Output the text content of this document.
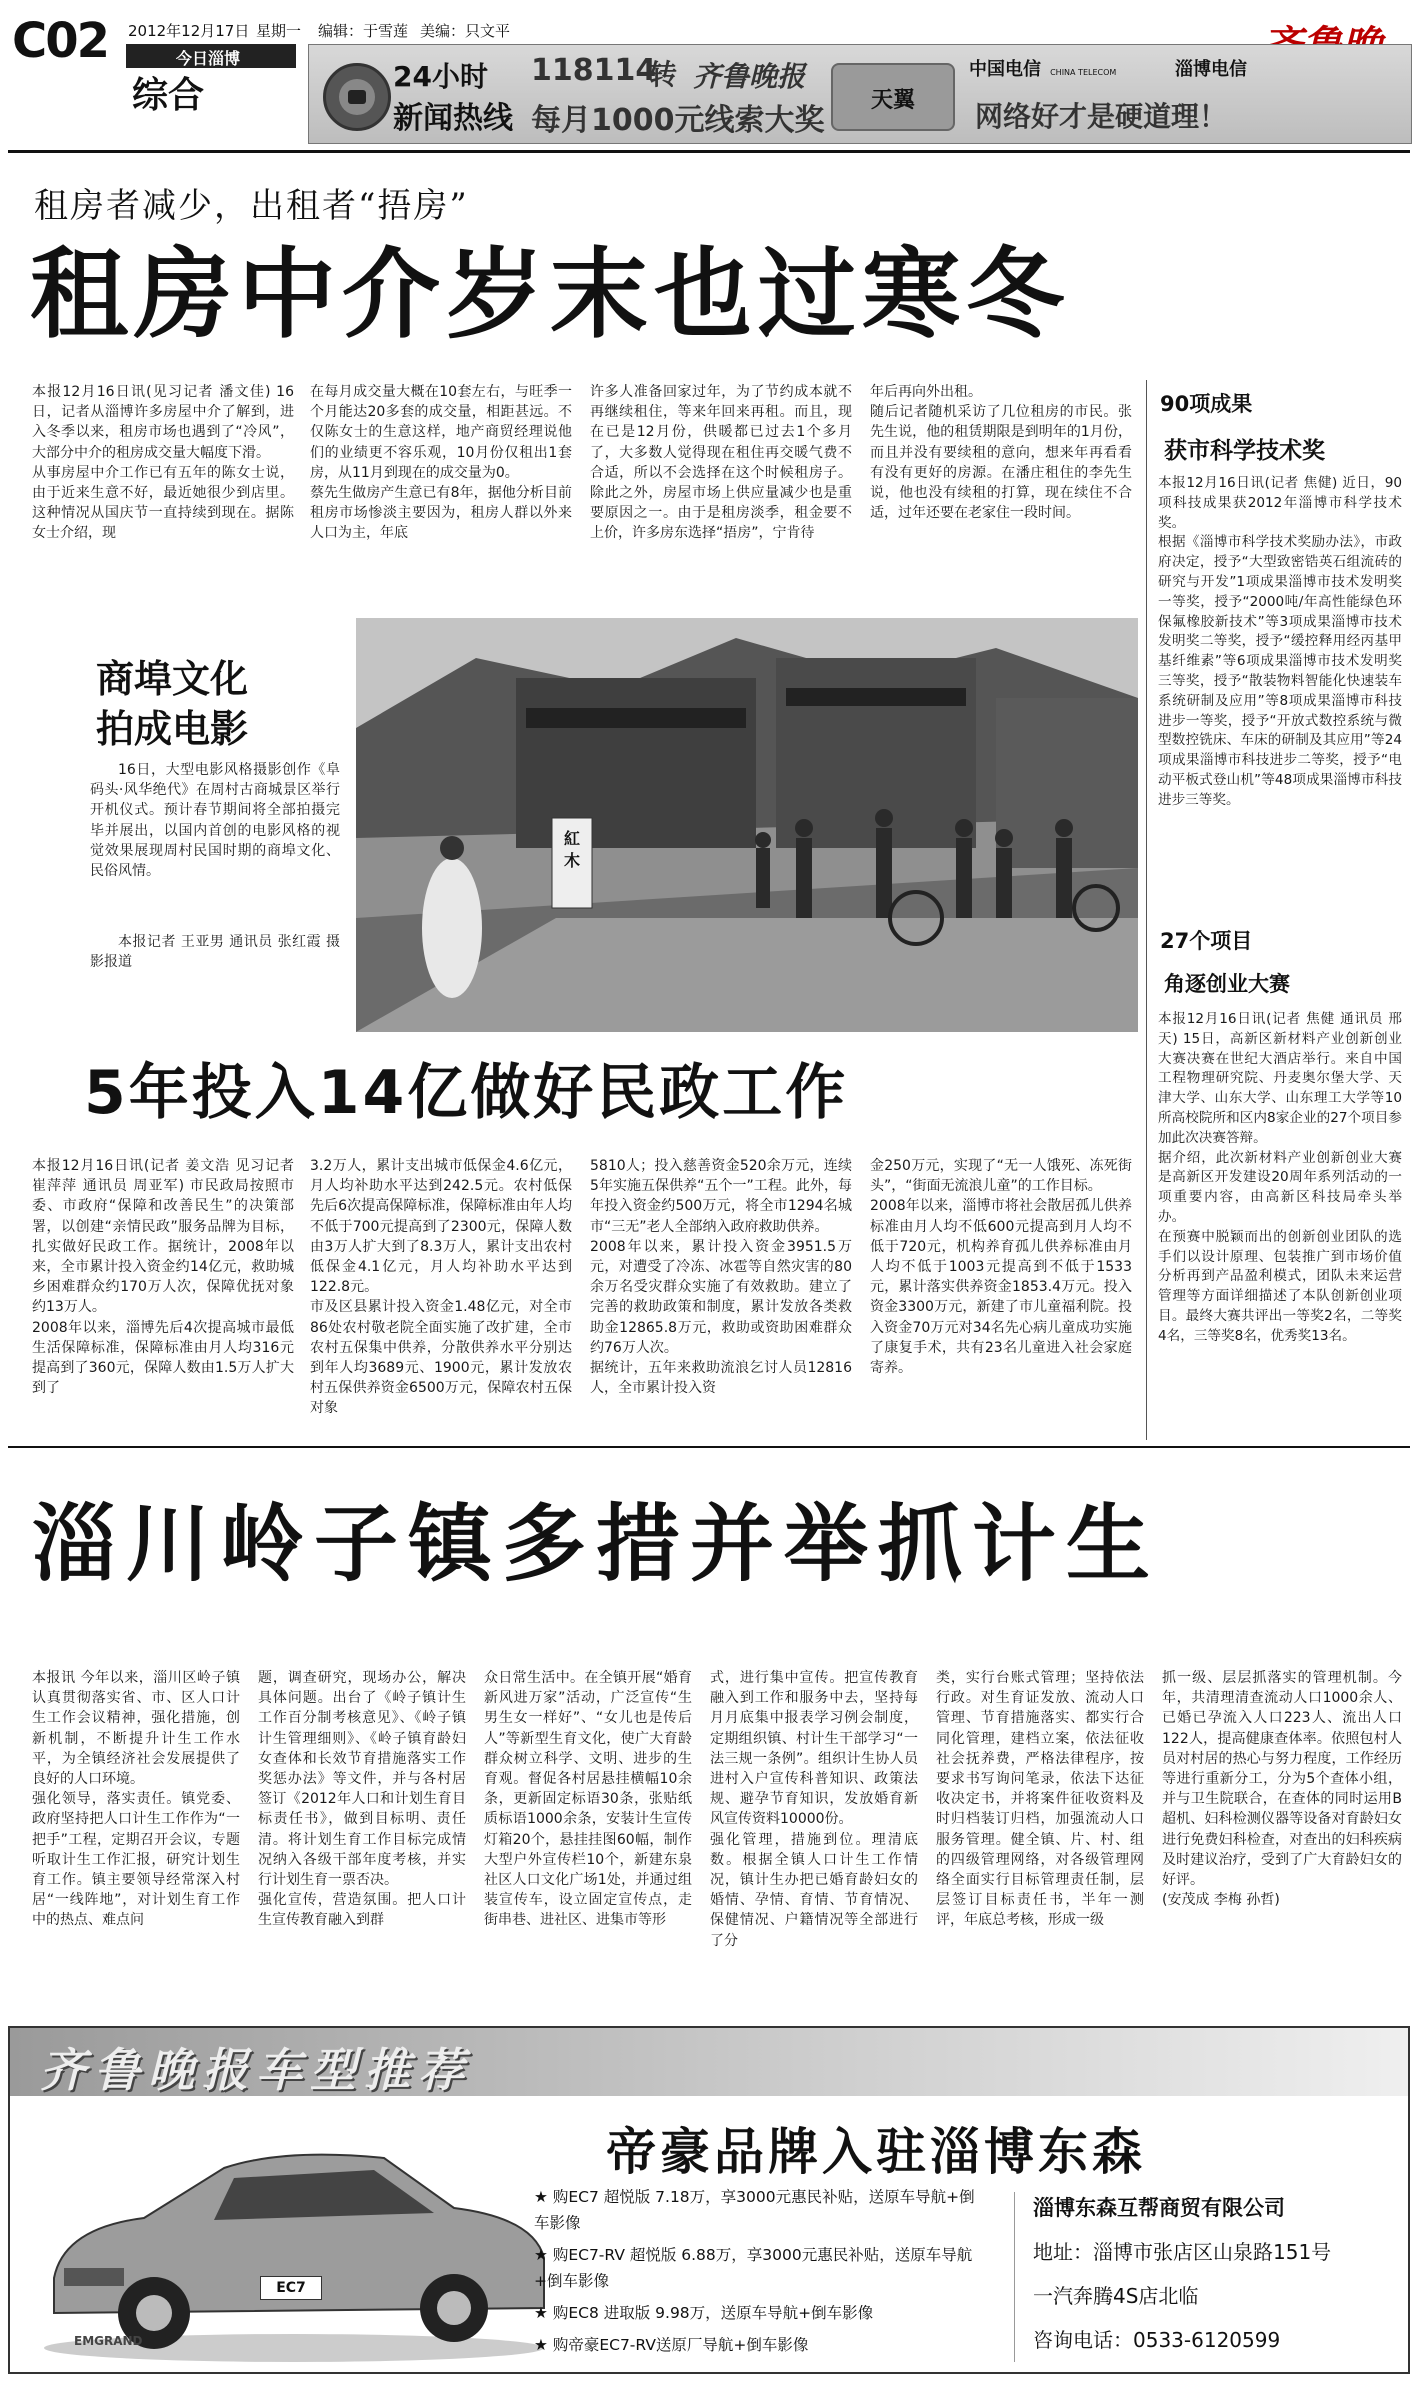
C02 2012年12月17日 星期一 编辑：于雪莲 美编：只文平
今日淄博
综合	24小时
新闻热线
118114
转 齐鲁晚报
每月1000元线索大奖
天翼
中国电信 CHINA TELECOM	淄博电信
网络好才是硬道理！
租房者减少，出租者“捂房”
租房中介岁末也过寒冬
本报12月16日讯(见习记者 潘文佳) 16日，记者从淄博许多房屋中介了解到，进入冬季以来，租房市场也遇到了“冷风”，大部分中介的租房成交量大幅度下滑。
从事房屋中介工作已有五年的陈女士说，由于近来生意不好，最近她很少到店里。这种情况从国庆节一直持续到现在。据陈女士介绍，现
在每月成交量大概在10套左右，与旺季一个月能达20多套的成交量，相距甚远。不仅陈女士的生意这样，地产商贸经理说他们的业绩更不容乐观，10月份仅租出1套房，从11月到现在的成交量为0。
蔡先生做房产生意已有8年，据他分析目前租房市场惨淡主要因为，租房人群以外来人口为主，年底
许多人准备回家过年，为了节约成本就不再继续租住，等来年回来再租。而且，现在已是12月份，供暖都已过去1个多月了，大多数人觉得现在租住再交暖气费不合适，所以不会选择在这个时候租房子。除此之外，房屋市场上供应量减少也是重要原因之一。由于是租房淡季，租金要不上价，许多房东选择“捂房”，宁肯待
年后再向外出租。
随后记者随机采访了几位租房的市民。张先生说，他的租赁期限是到明年的1月份，而且并没有要续租的意向，想来年再看看有没有更好的房源。在潘庄租住的李先生说，他也没有续租的打算，现在续住不合适，过年还要在老家住一段时间。
商埠文化
拍成电影
16日，大型电影风格摄影创作《阜码头·风华绝代》在周村古商城景区举行开机仪式。预计春节期间将全部拍摄完毕并展出，以国内首创的电影风格的视觉效果展现周村民国时期的商埠文化、民俗风情。
本报记者 王亚男 通讯员 张红霞 摄影报道
紅 木
90项成果
获市科学技术奖
本报12月16日讯(记者 焦健) 近日，90项科技成果获2012年淄博市科学技术奖。
根据《淄博市科学技术奖励办法》，市政府决定，授予“大型致密锆英石组流砖的研究与开发”1项成果淄博市技术发明奖一等奖，授予“2000吨/年高性能绿色环保氟橡胶新技术”等3项成果淄博市技术发明奖二等奖，授予“缓控释用经丙基甲基纤维素”等6项成果淄博市技术发明奖三等奖，授予“散装物料智能化快速装车系统研制及应用”等8项成果淄博市科技进步一等奖，授予“开放式数控系统与微型数控铣床、车床的研制及其应用”等24项成果淄博市科技进步二等奖，授予“电动平板式登山机”等48项成果淄博市科技进步三等奖。
27个项目
角逐创业大赛
本报12月16日讯(记者 焦健 通讯员 邢天) 15日，高新区新材料产业创新创业大赛决赛在世纪大酒店举行。来自中国工程物理研究院、丹麦奥尔堡大学、天津大学、山东大学、山东理工大学等10所高校院所和区内8家企业的27个项目参加此次决赛答辩。
据介绍，此次新材料产业创新创业大赛是高新区开发建设20周年系列活动的一项重要内容，由高新区科技局牵头举办。
在预赛中脱颖而出的创新创业团队的选手们以设计原理、包装推广到市场价值分析再到产品盈利模式，团队未来运营管理等方面详细描述了本队创新创业项目。最终大赛共评出一等奖2名，二等奖4名，三等奖8名，优秀奖13名。
5年投入14亿做好民政工作
本报12月16日讯(记者 姜文浩 见习记者 崔萍萍 通讯员 周亚军) 市民政局按照市委、市政府“保障和改善民生”的决策部署，以创建“亲情民政”服务品牌为目标，扎实做好民政工作。据统计，2008年以来，全市累计投入资金约14亿元，救助城乡困难群众约170万人次，保障优抚对象约13万人。
2008年以来，淄博先后4次提高城市最低生活保障标准，保障标准由月人均316元提高到了360元，保障人数由1.5万人扩大到了
3.2万人，累计支出城市低保金4.6亿元，月人均补助水平达到242.5元。农村低保先后6次提高保障标准，保障标准由年人均不低于700元提高到了2300元，保障人数由3万人扩大到了8.3万人，累计支出农村低保金4.1亿元，月人均补助水平达到122.8元。
市及区县累计投入资金1.48亿元，对全市86处农村敬老院全面实施了改扩建，全市农村五保集中供养，分散供养水平分别达到年人均3689元、1900元，累计发放农村五保供养资金6500万元，保障农村五保对象
5810人；投入慈善资金520余万元，连续5年实施五保供养“五个一”工程。此外，每年投入资金约500万元，将全市1294名城市“三无”老人全部纳入政府救助供养。
2008年以来，累计投入资金3951.5万元，对遭受了冷冻、冰雹等自然灾害的80余万名受灾群众实施了有效救助。建立了完善的救助政策和制度，累计发放各类救助金12865.8万元，救助或资助困难群众约76万人次。
据统计，五年来救助流浪乞讨人员12816人，全市累计投入资
金250万元，实现了“无一人饿死、冻死街头”，“街面无流浪儿童”的工作目标。
2008年以来，淄博市将社会散居孤儿供养标准由月人均不低600元提高到月人均不低于720元，机构养育孤儿供养标准由月人均不低于1003元提高到不低于1533元，累计落实供养资金1853.4万元。投入资金3300万元，新建了市儿童福利院。投入资金70万元对34名先心病儿童成功实施了康复手术，共有23名儿童进入社会家庭寄养。
淄川岭子镇多措并举抓计生
本报讯 今年以来，淄川区岭子镇认真贯彻落实省、市、区人口计生工作会议精神，强化措施，创新机制，不断提升计生工作水平，为全镇经济社会发展提供了良好的人口环境。
强化领导，落实责任。镇党委、政府坚持把人口计生工作作为“一把手”工程，定期召开会议，专题听取计生工作汇报，研究计划生育工作。镇主要领导经常深入村居“一线阵地”，对计划生育工作中的热点、难点问
题，调查研究，现场办公，解决具体问题。出台了《岭子镇计生工作百分制考核意见》、《岭子镇计生管理细则》、《岭子镇育龄妇女查体和长效节育措施落实工作奖惩办法》等文件，并与各村居签订《2012年人口和计划生育目标责任书》，做到目标明、责任清。将计划生育工作目标完成情况纳入各级干部年度考核，并实行计划生育一票否决。
强化宣传，营造氛围。把人口计生宣传教育融入到群
众日常生活中。在全镇开展“婚育新风进万家”活动，广泛宣传“生男生女一样好”、“女儿也是传后人”等新型生育文化，使广大育龄群众树立科学、文明、进步的生育观。督促各村居悬挂横幅10余条，更新固定标语30条，张贴纸质标语1000余条，安装计生宣传灯箱20个，悬挂挂图60幅，制作大型户外宣传栏10个，新建东泉社区人口文化广场1处，并通过组装宣传车，设立固定宣传点，走街串巷、进社区、进集市等形
式，进行集中宣传。把宣传教育融入到工作和服务中去，坚持每月月底集中报表学习例会制度，定期组织镇、村计生干部学习“一法三规一条例”。组织计生协人员进村入户宣传科普知识、政策法规、避孕节育知识，发放婚育新风宣传资料10000份。
强化管理，措施到位。理清底数。根据全镇人口计生工作情况，镇计生办把已婚育龄妇女的婚情、孕情、育情、节育情况、保健情况、户籍情况等全部进行了分
类，实行台账式管理；坚持依法行政。对生育证发放、流动人口管理、节育措施落实、都实行合同化管理，建档立案，依法征收社会抚养费，严格法律程序，按要求书写询问笔录，依法下达征收决定书，并将案件征收资料及时归档装订归档，加强流动人口服务管理。健全镇、片、村、组的四级管理网络，对各级管理网络全面实行目标管理责任制，层层签订目标责任书，半年一测评，年底总考核，形成一级
抓一级、层层抓落实的管理机制。今年，共清理清查流动人口1000余人、已婚已孕流入人口223人、流出人口122人，提高健康查体率。依照包村人员对村居的热心与努力程度，工作经历等进行重新分工，分为5个查体小组，并与卫生院联合，在查体的同时运用B超机、妇科检测仪器等设备对育龄妇女进行免费妇科检查，对查出的妇科疾病及时建议治疗，受到了广大育龄妇女的好评。
(安茂成 李梅 孙哲)
齐鲁晚报车型推荐
EC7
EMGRAND
帝豪品牌入驻淄博东森
★ 购EC7 超悦版 7.18万，享3000元惠民补贴，送原车导航+倒车影像
★ 购EC7-RV 超悦版 6.88万，享3000元惠民补贴，送原车导航+倒车影像
★ 购EC8 进取版 9.98万，送原车导航+倒车影像
★ 购帝豪EC7-RV送原厂导航+倒车影像
淄博东森互帮商贸有限公司
地址：淄博市张店区山泉路151号
一汽奔腾4S店北临
咨询电话：0533-6120599
